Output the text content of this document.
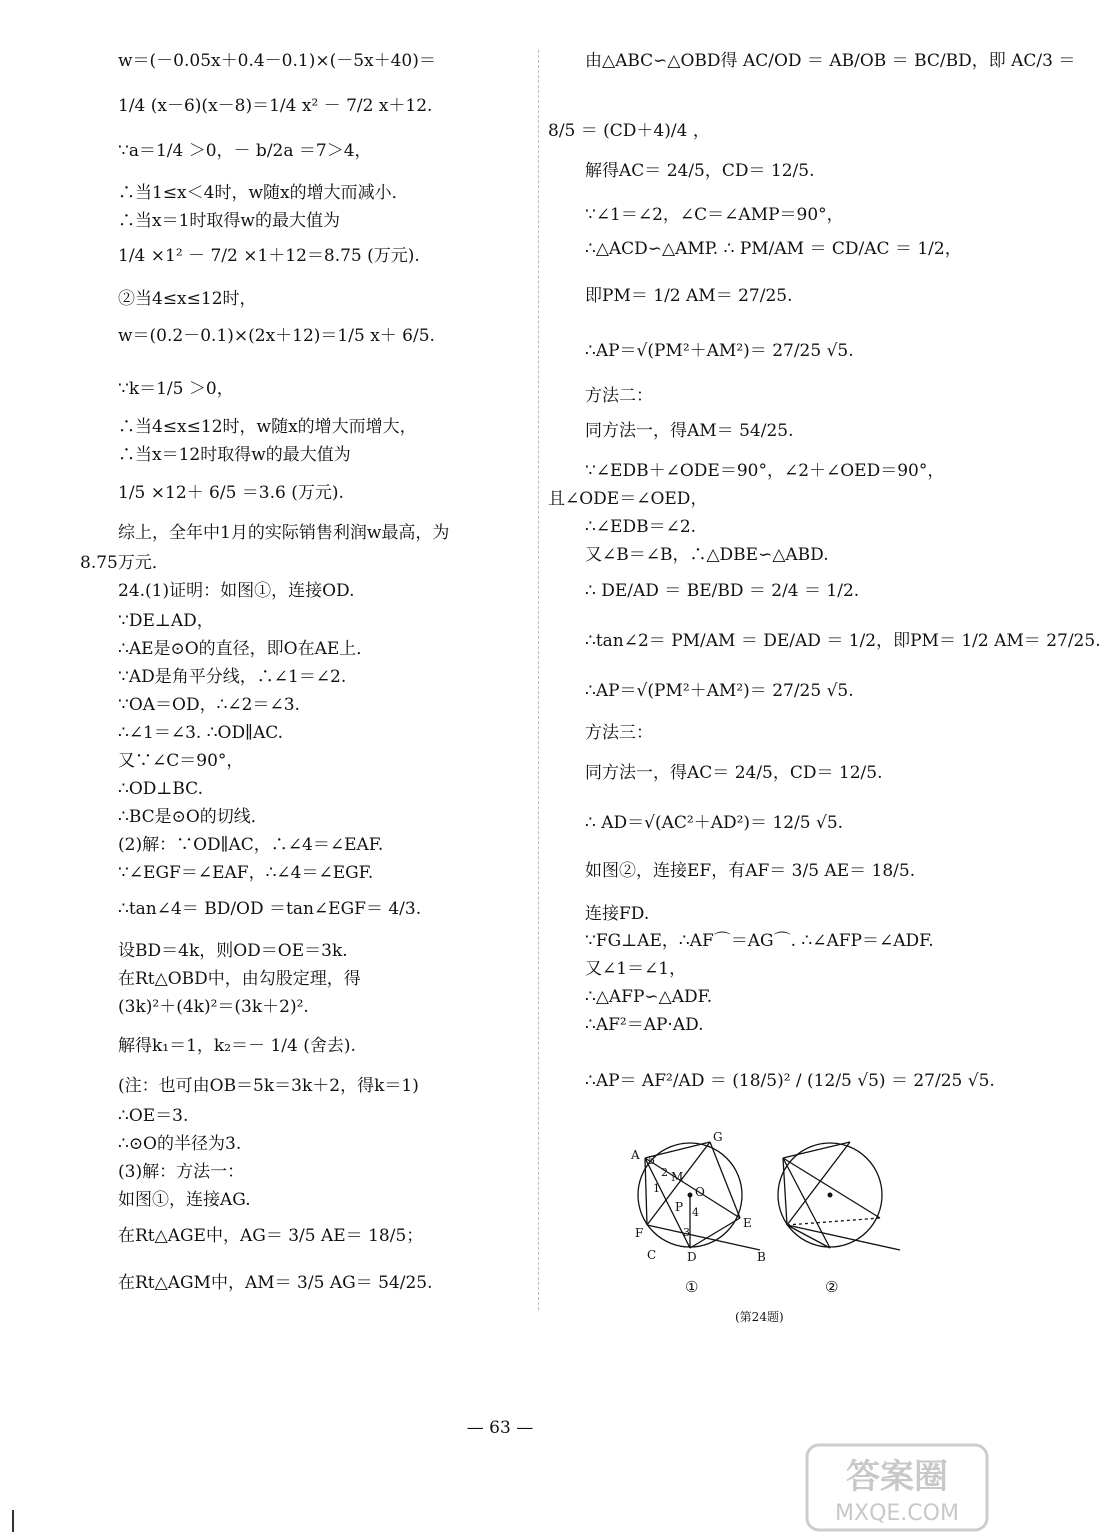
w＝(－0.05x＋0.4－0.1)×(－5x＋40)＝
1/4 (x－6)(x－8)＝1/4 x² － 7/2 x＋12.
∵a＝1/4 ＞0，－ b/2a ＝7＞4，
∴当1≤x＜4时，w随x的增大而减小．
∴当x＝1时取得w的最大值为
1/4 ×1² － 7/2 ×1＋12＝8.75 (万元).
②当4≤x≤12时，
w＝(0.2－0.1)×(2x＋12)＝1/5 x＋ 6/5.
∵k＝1/5 ＞0，
∴当4≤x≤12时，w随x的增大而增大，
∴当x＝12时取得w的最大值为
1/5 ×12＋ 6/5 ＝3.6 (万元).
综上，全年中1月的实际销售利润w最高，为
8.75万元．
24.(1)证明：如图①，连接OD.
∵DE⊥AD，
∴AE是⊙O的直径，即O在AE上．
∵AD是角平分线，∴∠1＝∠2.
∵OA＝OD，∴∠2＝∠3.
∴∠1＝∠3. ∴OD∥AC.
又∵∠C＝90°，
∴OD⊥BC.
∴BC是⊙O的切线．
(2)解：∵OD∥AC，∴∠4＝∠EAF.
∵∠EGF＝∠EAF，∴∠4＝∠EGF.
∴tan∠4＝ BD/OD ＝tan∠EGF＝ 4/3.
设BD＝4k，则OD＝OE＝3k.
在Rt△OBD中，由勾股定理，得
(3k)²＋(4k)²＝(3k＋2)².
解得k₁＝1，k₂＝－ 1/4 (舍去).
(注：也可由OB＝5k＝3k＋2，得k＝1)
∴OE＝3.
∴⊙O的半径为3.
(3)解：方法一：
如图①，连接AG.
在Rt△AGE中，AG＝ 3/5 AE＝ 18/5；
在Rt△AGM中，AM＝ 3/5 AG＝ 54/25.
由△ABC∽△OBD得 AC/OD ＝ AB/OB ＝ BC/BD，即 AC/3 ＝
8/5 ＝ (CD＋4)/4 ，
解得AC＝ 24/5，CD＝ 12/5.
∵∠1＝∠2，∠C＝∠AMP＝90°，
∴△ACD∽△AMP. ∴ PM/AM ＝ CD/AC ＝ 1/2，
即PM＝ 1/2 AM＝ 27/25.
∴AP＝√(PM²＋AM²)＝ 27/25 √5.
方法二：
同方法一，得AM＝ 54/25.
∵∠EDB＋∠ODE＝90°，∠2＋∠OED＝90°，
且∠ODE＝∠OED，
∴∠EDB＝∠2.
又∠B＝∠B，∴△DBE∽△ABD.
∴ DE/AD ＝ BE/BD ＝ 2/4 ＝ 1/2.
∴tan∠2＝ PM/AM ＝ DE/AD ＝ 1/2，即PM＝ 1/2 AM＝ 27/25.
∴AP＝√(PM²＋AM²)＝ 27/25 √5.
方法三：
同方法一，得AC＝ 24/5，CD＝ 12/5.
∴ AD＝√(AC²＋AD²)＝ 12/5 √5.
如图②，连接EF，有AF＝ 3/5 AE＝ 18/5.
连接FD.
∵FG⊥AE，∴AF⌒＝AG⌒. ∴∠AFP＝∠ADF.
又∠1＝∠1，
∴△AFP∽△ADF.
∴AF²＝AP·AD.
∴AP＝ AF²/AD ＝ (18/5)² / (12/5 √5) ＝ 27/25 √5.
A
G
M
O
P
E
F
C	D	B
1
2
3
4
5
①	②
(第24题)
— 63 —
答案圈
MXQE.COM
